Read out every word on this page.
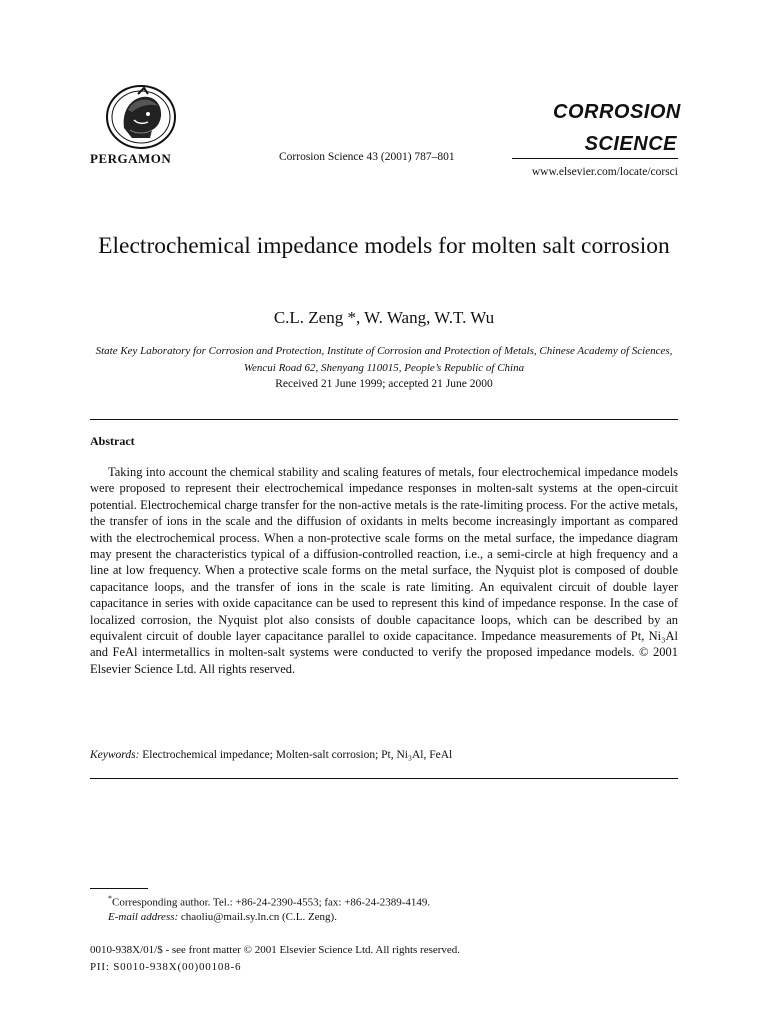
PERGAMON	Corrosion Science 43 (2001) 787–801
CORROSION
SCIENCE
www.elsevier.com/locate/corsci
Electrochemical impedance models for molten salt corrosion
C.L. Zeng *, W. Wang, W.T. Wu
State Key Laboratory for Corrosion and Protection, Institute of Corrosion and Protection of Metals, Chinese Academy of Sciences, Wencui Road 62, Shenyang 110015, People’s Republic of China
Received 21 June 1999; accepted 21 June 2000
Abstract

Taking into account the chemical stability and scaling features of metals, four electrochemical impedance models were proposed to represent their electrochemical impedance responses in molten-salt systems at the open-circuit potential. Electrochemical charge transfer for the non-active metals is the rate-limiting process. For the active metals, the transfer of ions in the scale and the diffusion of oxidants in melts become increasingly important as compared with the electrochemical process. When a non-protective scale forms on the metal surface, the impedance diagram may present the characteristics typical of a diffusion-controlled reaction, i.e., a semi-circle at high frequency and a line at low frequency. When a protective scale forms on the metal surface, the Nyquist plot is composed of double capacitance loops, and the transfer of ions in the scale is rate limiting. An equivalent circuit of double layer capacitance in series with oxide capacitance can be used to represent this kind of impedance response. In the case of localized corrosion, the Nyquist plot also consists of double capacitance loops, which can be described by an equivalent circuit of double layer capacitance parallel to oxide capacitance. Impedance measurements of Pt, Ni₃Al and FeAl intermetallics in molten-salt systems were conducted to verify the proposed impedance models. © 2001 Elsevier Science Ltd. All rights reserved.

Keywords: Electrochemical impedance; Molten-salt corrosion; Pt, Ni₃Al, FeAl
*Corresponding author. Tel.: +86-24-2390-4553; fax: +86-24-2389-4149.
E-mail address: chaoliu@mail.sy.ln.cn (C.L. Zeng).
0010-938X/01/$ - see front matter © 2001 Elsevier Science Ltd. All rights reserved.
PII: S0010-938X(00)00108-6
